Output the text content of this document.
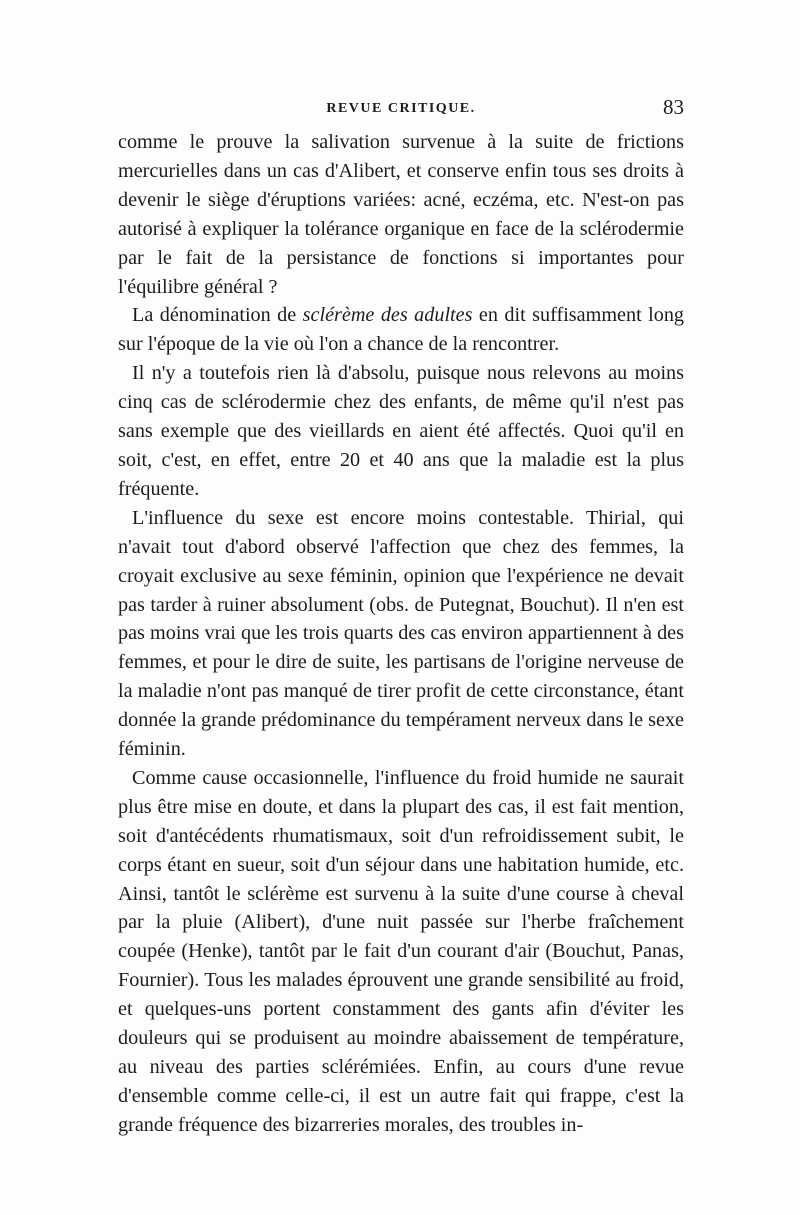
REVUE CRITIQUE.	83

comme le prouve la salivation survenue à la suite de frictions mercurielles dans un cas d'Alibert, et conserve enfin tous ses droits à devenir le siège d'éruptions variées: acné, eczéma, etc. N'est-on pas autorisé à expliquer la tolérance organique en face de la sclérodermie par le fait de la persistance de fonctions si importantes pour l'équilibre général ?

La dénomination de sclérème des adultes en dit suffisamment long sur l'époque de la vie où l'on a chance de la rencontrer.

Il n'y a toutefois rien là d'absolu, puisque nous relevons au moins cinq cas de sclérodermie chez des enfants, de même qu'il n'est pas sans exemple que des vieillards en aient été affectés. Quoi qu'il en soit, c'est, en effet, entre 20 et 40 ans que la maladie est la plus fréquente.

L'influence du sexe est encore moins contestable. Thirial, qui n'avait tout d'abord observé l'affection que chez des femmes, la croyait exclusive au sexe féminin, opinion que l'expérience ne devait pas tarder à ruiner absolument (obs. de Putegnat, Bouchut). Il n'en est pas moins vrai que les trois quarts des cas environ appartiennent à des femmes, et pour le dire de suite, les partisans de l'origine nerveuse de la maladie n'ont pas manqué de tirer profit de cette circonstance, étant donnée la grande prédominance du tempérament nerveux dans le sexe féminin.

Comme cause occasionnelle, l'influence du froid humide ne saurait plus être mise en doute, et dans la plupart des cas, il est fait mention, soit d'antécédents rhumatismaux, soit d'un refroidissement subit, le corps étant en sueur, soit d'un séjour dans une habitation humide, etc. Ainsi, tantôt le sclérème est survenu à la suite d'une course à cheval par la pluie (Alibert), d'une nuit passée sur l'herbe fraîchement coupée (Henke), tantôt par le fait d'un courant d'air (Bouchut, Panas, Fournier). Tous les malades éprouvent une grande sensibilité au froid, et quelques-uns portent constamment des gants afin d'éviter les douleurs qui se produisent au moindre abaissement de température, au niveau des parties sclérémiées. Enfin, au cours d'une revue d'ensemble comme celle-ci, il est un autre fait qui frappe, c'est la grande fréquence des bizarreries morales, des troubles in-
